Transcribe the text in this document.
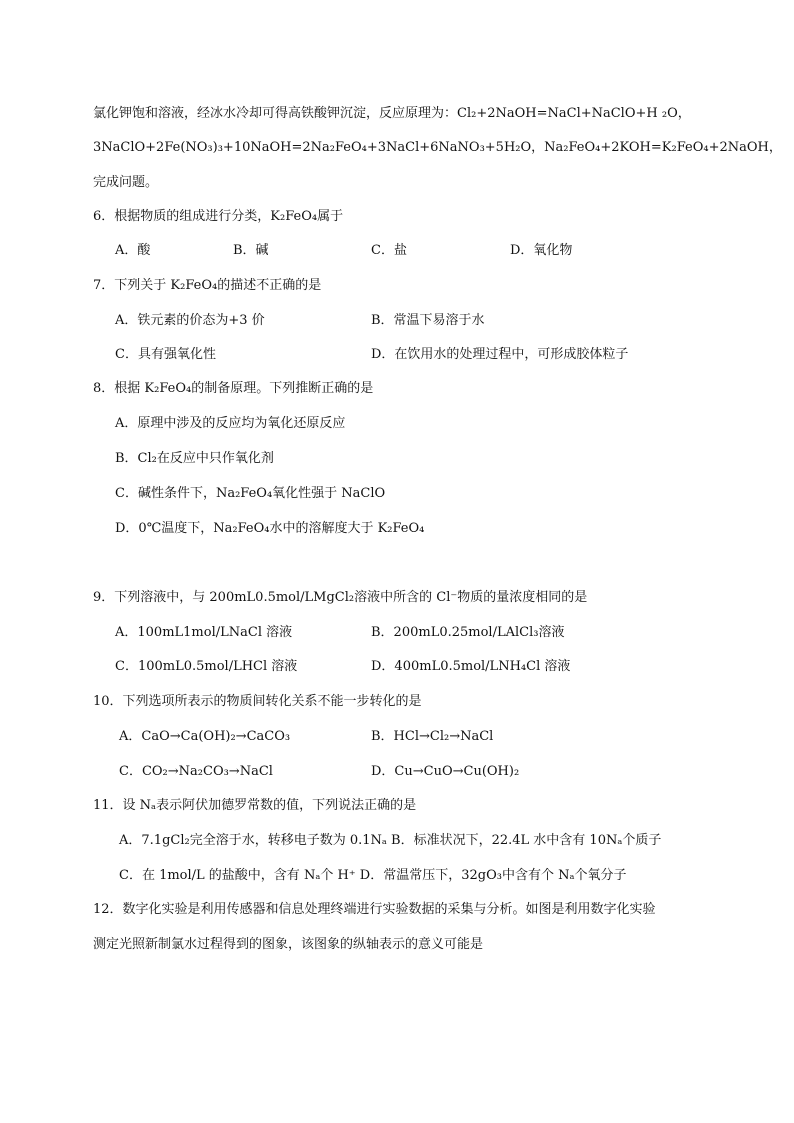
氯化钾饱和溶液，经冰水冷却可得高铁酸钾沉淀，反应原理为：Cl₂+2NaOH=NaCl+NaClO+H ₂O，
3NaClO+2Fe(NO₃)₃+10NaOH=2Na₂FeO₄+3NaCl+6NaNO₃+5H₂O，Na₂FeO₄+2KOH=K₂FeO₄+2NaOH，
完成问题。
6．根据物质的组成进行分类，K₂FeO₄属于
A．酸	B．碱	C．盐	D．氧化物
7．下列关于 K₂FeO₄的描述不正确的是
A．铁元素的价态为+3 价	B．常温下易溶于水
C．具有强氧化性	D．在饮用水的处理过程中，可形成胶体粒子
8．根据 K₂FeO₄的制备原理。下列推断正确的是
A．原理中涉及的反应均为氧化还原反应
B．Cl₂在反应中只作氧化剂
C．碱性条件下，Na₂FeO₄氧化性强于 NaClO
D．0℃温度下，Na₂FeO₄水中的溶解度大于 K₂FeO₄
9．下列溶液中，与 200mL0.5mol/LMgCl₂溶液中所含的 Cl⁻物质的量浓度相同的是
A．100mL1mol/LNaCl 溶液	B．200mL0.25mol/LAlCl₃溶液
C．100mL0.5mol/LHCl 溶液	D．400mL0.5mol/LNH₄Cl 溶液
10．下列选项所表示的物质间转化关系不能一步转化的是
A．CaO→Ca(OH)₂→CaCO₃	B．HCl→Cl₂→NaCl
C．CO₂→Na₂CO₃→NaCl	D．Cu→CuO→Cu(OH)₂
11．设 Nₐ表示阿伏加德罗常数的值，下列说法正确的是
A．7.1gCl₂完全溶于水，转移电子数为 0.1Nₐ B．标准状况下，22.4L 水中含有 10Nₐ个质子
C．在 1mol/L 的盐酸中，含有 Nₐ个 H⁺ D．常温常压下，32gO₃中含有个 Nₐ个氧分子
12．数字化实验是利用传感器和信息处理终端进行实验数据的采集与分析。如图是利用数字化实验
测定光照新制氯水过程得到的图象，该图象的纵轴表示的意义可能是
